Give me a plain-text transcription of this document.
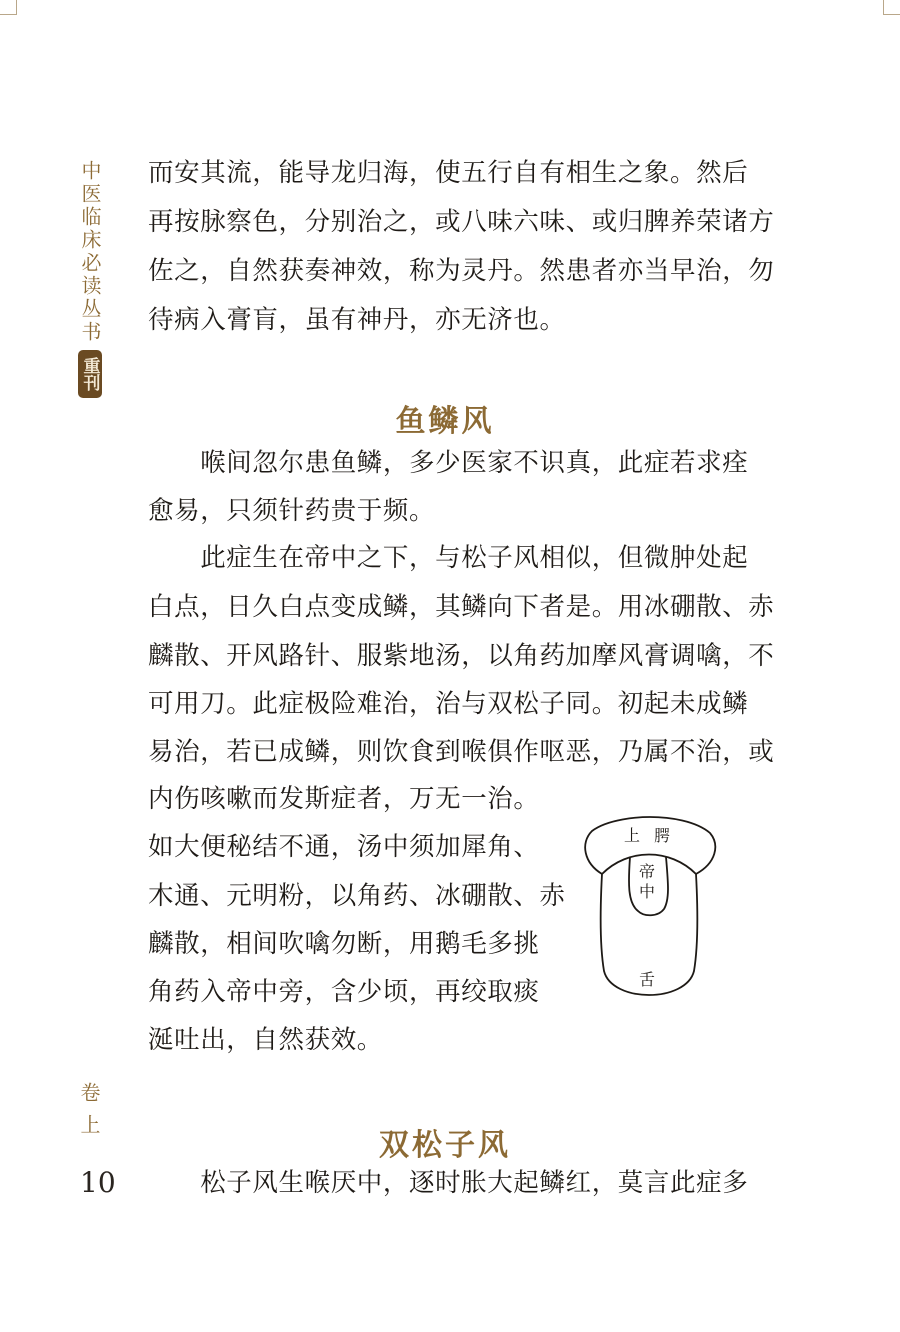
中医临床必读丛书
重刊
卷上
10
而安其流，能导龙归海，使五行自有相生之象。然后
再按脉察色，分别治之，或八味六味、或归脾养荣诸方
佐之，自然获奏神效，称为灵丹。然患者亦当早治，勿
待病入膏肓，虽有神丹，亦无济也。
鱼鳞风
　　喉间忽尔患鱼鳞，多少医家不识真，此症若求痊
愈易，只须针药贵于频。
　　此症生在帝中之下，与松子风相似，但微肿处起
白点，日久白点变成鳞，其鳞向下者是。用冰硼散、赤
麟散、开风路针、服紫地汤，以角药加摩风膏调噙，不
可用刀。此症极险难治，治与双松子同。初起未成鳞
易治，若已成鳞，则饮食到喉俱作呕恶，乃属不治，或
内伤咳嗽而发斯症者，万无一治。
如大便秘结不通，汤中须加犀角、
木通、元明粉，以角药、冰硼散、赤
麟散，相间吹噙勿断，用鹅毛多挑
角药入帝中旁，含少顷，再绞取痰
涎吐出，自然获效。
上 腭
帝
中
舌
双松子风
　　松子风生喉厌中，逐时胀大起鳞红，莫言此症多
